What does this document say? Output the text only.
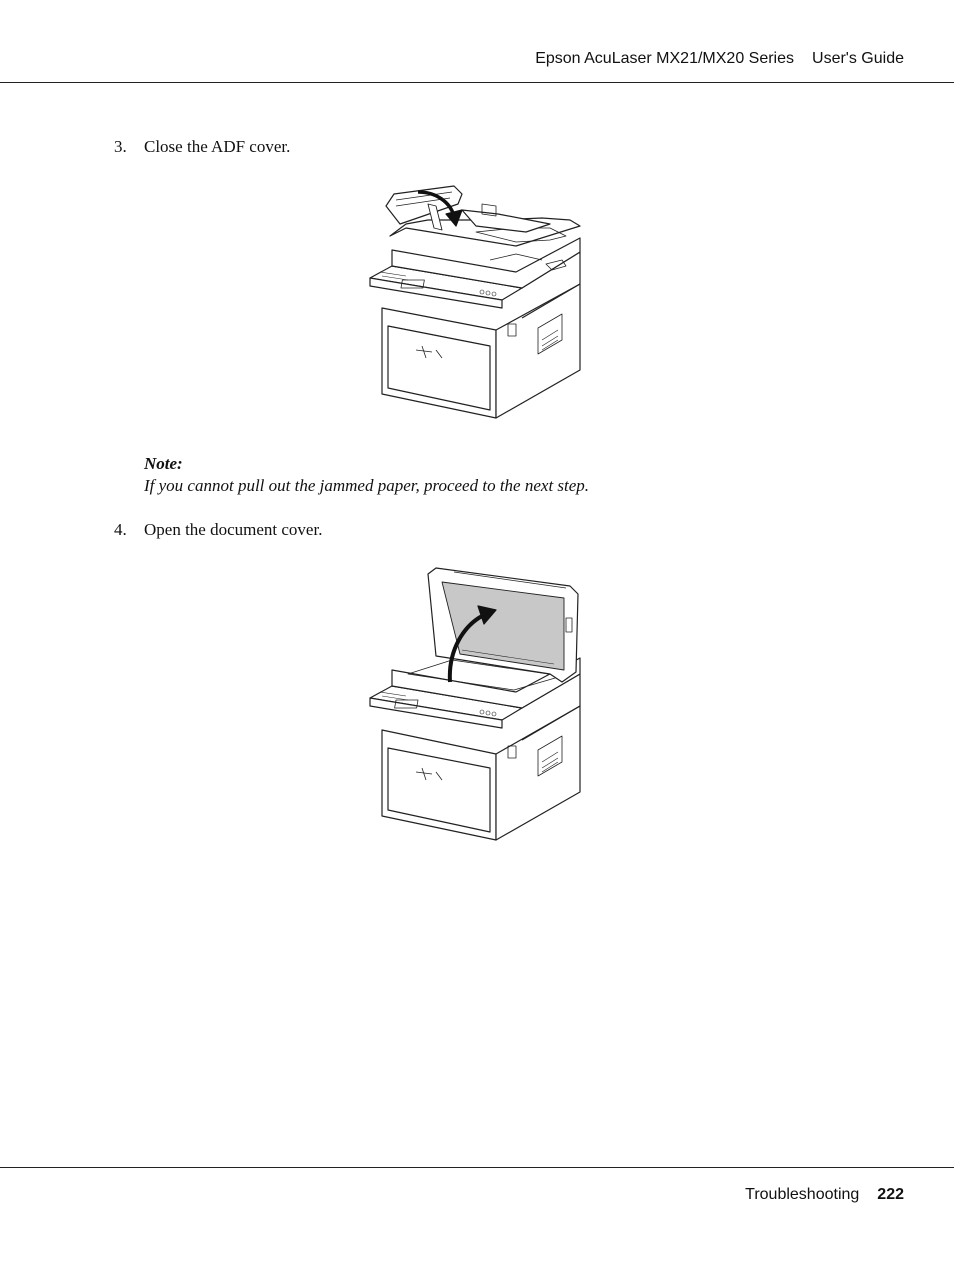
Epson AcuLaser MX21/MX20 Series User's Guide
3. Close the ADF cover.
Note:
If you cannot pull out the jammed paper, proceed to the next step.
4. Open the document cover.
Troubleshooting 222
